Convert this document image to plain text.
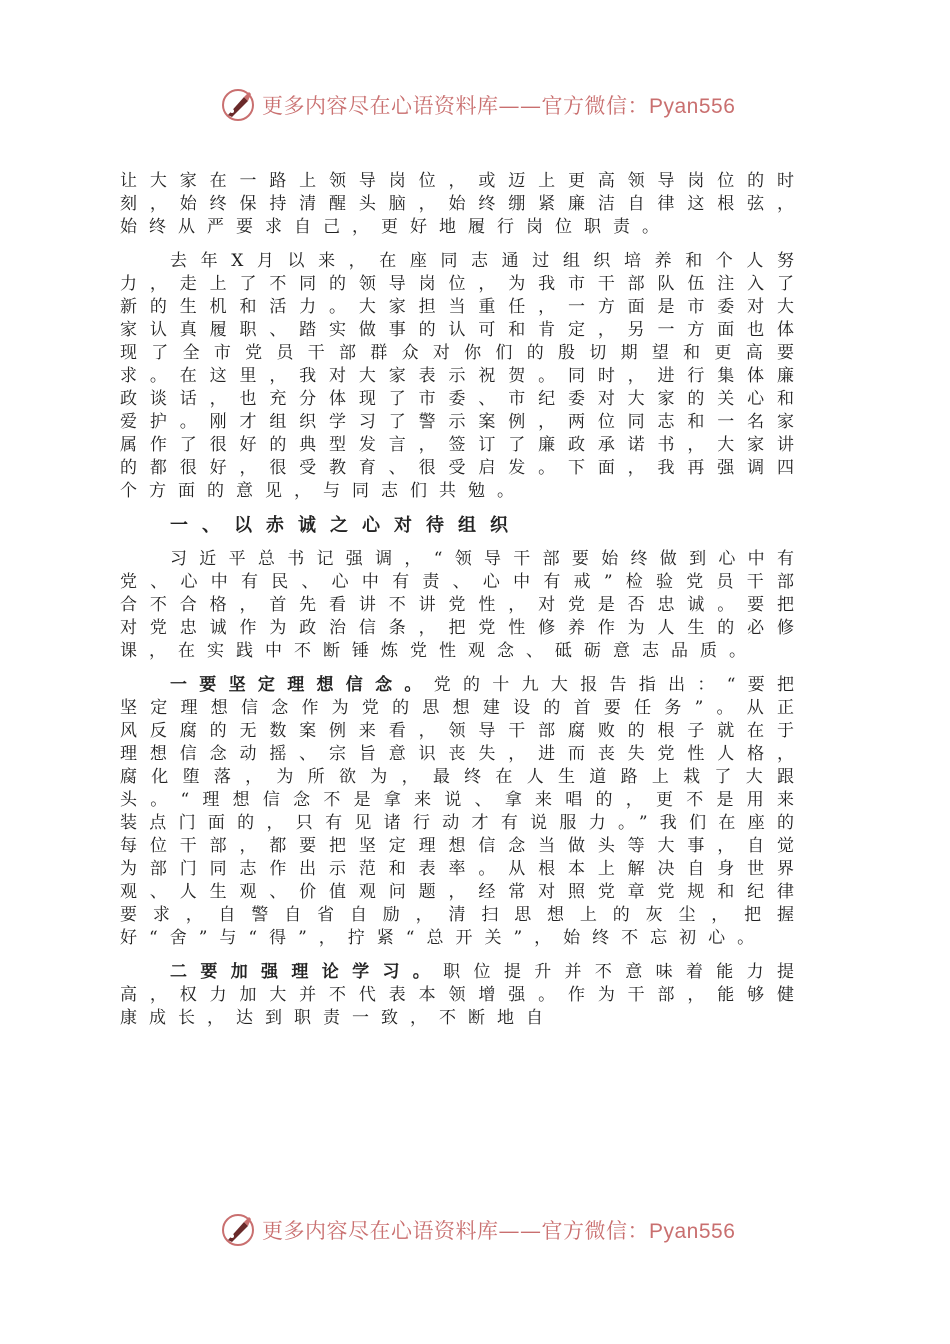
更多内容尽在心语资料库——官方微信：Pyan556

让大家在一路上领导岗位，或迈上更高领导岗位的时刻，始终保持清醒头脑，始终绷紧廉洁自律这根弦，始终从严要求自己，更好地履行岗位职责。

去年X月以来，在座同志通过组织培养和个人努力，走上了不同的领导岗位，为我市干部队伍注入了新的生机和活力。大家担当重任，一方面是市委对大家认真履职、踏实做事的认可和肯定，另一方面也体现了全市党员干部群众对你们的殷切期望和更高要求。在这里，我对大家表示祝贺。同时，进行集体廉政谈话，也充分体现了市委、市纪委对大家的关心和爱护。刚才组织学习了警示案例，两位同志和一名家属作了很好的典型发言，签订了廉政承诺书，大家讲的都很好，很受教育、很受启发。下面，我再强调四个方面的意见，与同志们共勉。

一、以赤诚之心对待组织

习近平总书记强调，“领导干部要始终做到心中有党、心中有民、心中有责、心中有戒”检验党员干部合不合格，首先看讲不讲党性，对党是否忠诚。要把对党忠诚作为政治信条，把党性修养作为人生的必修课，在实践中不断锤炼党性观念、砥砺意志品质。

一要坚定理想信念。党的十九大报告指出：“要把坚定理想信念作为党的思想建设的首要任务”。从正风反腐的无数案例来看，领导干部腐败的根子就在于理想信念动摇、宗旨意识丧失，进而丧失党性人格，腐化堕落，为所欲为，最终在人生道路上栽了大跟头。“理想信念不是拿来说、拿来唱的，更不是用来装点门面的，只有见诸行动才有说服力。”我们在座的每位干部，都要把坚定理想信念当做头等大事，自觉为部门同志作出示范和表率。从根本上解决自身世界观、人生观、价值观问题，经常对照党章党规和纪律要求，自警自省自励，清扫思想上的灰尘，把握好“舍”与“得”，拧紧“总开关”，始终不忘初心。

二要加强理论学习。职位提升并不意味着能力提高，权力加大并不代表本领增强。作为干部，能够健康成长，达到职责一致，不断地自

更多内容尽在心语资料库——官方微信：Pyan556
